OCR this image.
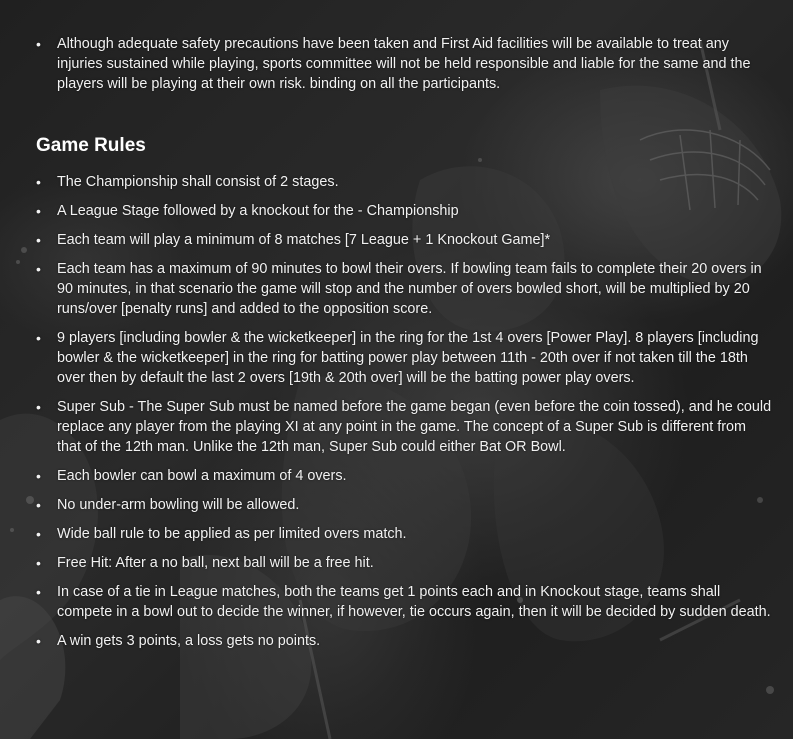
• Although adequate safety precautions have been taken and First Aid facilities will be available to treat any injuries sustained while playing, sports committee will not be held responsible and liable for the same and the players will be playing at their own risk. binding on all the participants.
Game Rules
• The Championship shall consist of 2 stages.
• A League Stage followed by a knockout for the - Championship
• Each team will play a minimum of 8 matches [7 League + 1 Knockout Game]*
• Each team has a maximum of 90 minutes to bowl their overs. If bowling team fails to complete their 20 overs in 90 minutes, in that scenario the game will stop and the number of overs bowled short, will be multiplied by 20 runs/over [penalty runs] and added to the opposition score.
• 9 players [including bowler & the wicketkeeper] in the ring for the 1st 4 overs [Power Play]. 8 players [including bowler & the wicketkeeper] in the ring for batting power play between 11th - 20th over if not taken till the 18th over then by default the last 2 overs [19th & 20th over] will be the batting power play overs.
• Super Sub - The Super Sub must be named before the game began (even before the coin tossed), and he could replace any player from the playing XI at any point in the game. The concept of a Super Sub is different from that of the 12th man. Unlike the 12th man, Super Sub could either Bat OR Bowl.
• Each bowler can bowl a maximum of 4 overs.
• No under-arm bowling will be allowed.
• Wide ball rule to be applied as per limited overs match.
• Free Hit: After a no ball, next ball will be a free hit.
• In case of a tie in League matches, both the teams get 1 points each and in Knockout stage, teams shall compete in a bowl out to decide the winner, if however, tie occurs again, then it will be decided by sudden death.
• A win gets 3 points, a loss gets no points.
